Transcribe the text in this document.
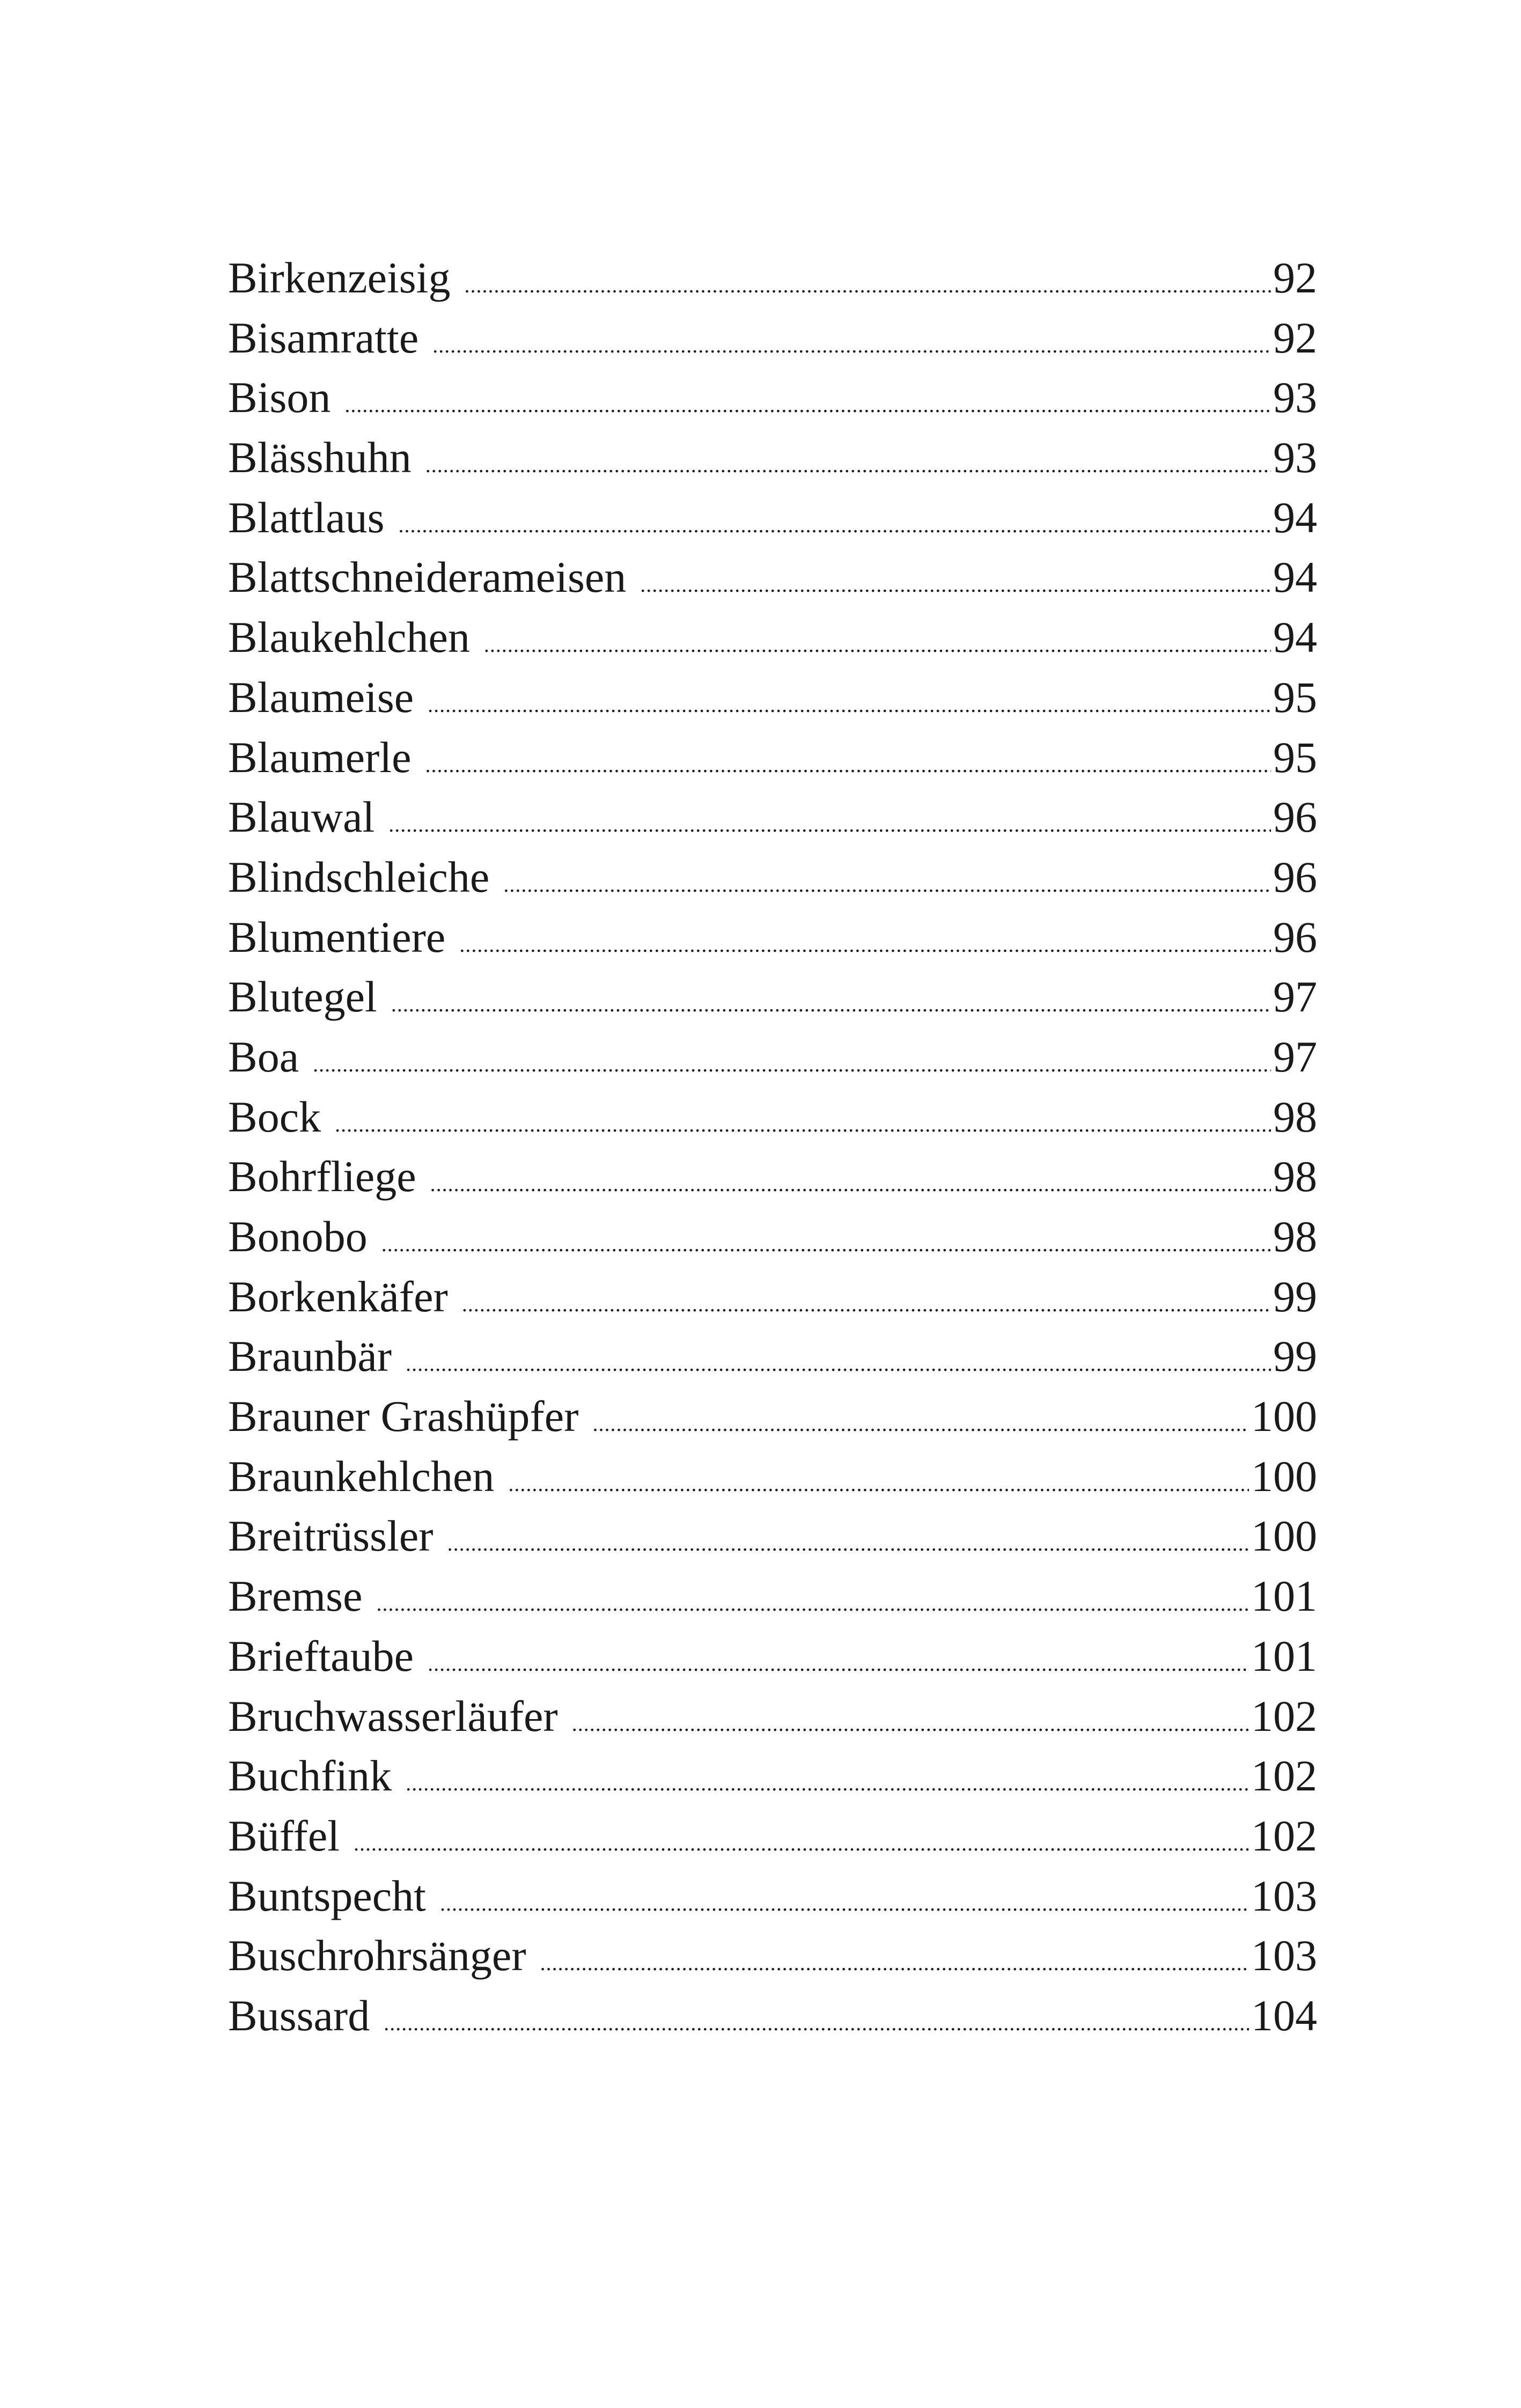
Birkenzeisig .....	92
Bisamratte .....	92
Bison .....	93
Blässhuhn .....	93
Blattlaus .....	94
Blattschneiderameisen .....	94
Blaukehlchen .....	94
Blaumeise .....	95
Blaumerle .....	95
Blauwal .....	96
Blindschleiche .....	96
Blumentiere .....	96
Blutegel .....	97
Boa .....	97
Bock .....	98
Bohrfliege .....	98
Bonobo .....	98
Borkenkäfer .....	99
Braunbär .....	99
Brauner Grashüpfer .....	100
Braunkehlchen .....	100
Breitrüssler .....	100
Bremse .....	101
Brieftaube .....	101
Bruchwasserläufer .....	102
Buchfink .....	102
Büffel .....	102
Buntspecht .....	103
Buschrohrsänger .....	103
Bussard .....	104
